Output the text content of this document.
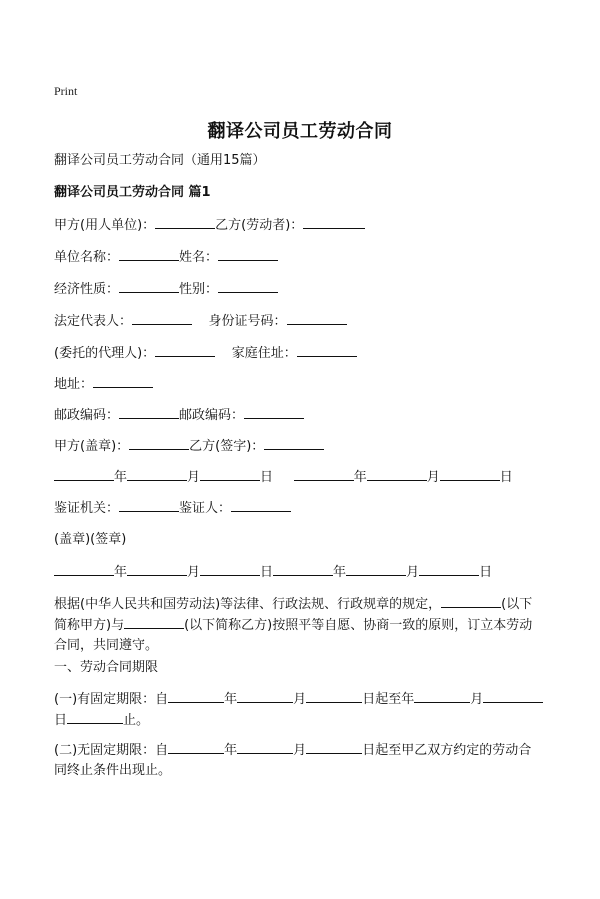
Print
翻译公司员工劳动合同
翻译公司员工劳动合同（通用15篇）
翻译公司员工劳动合同 篇1
甲方(用人单位)：	乙方(劳动者)：
单位名称：	姓名：
经济性质：	性别：
法定代表人：	身份证号码：
(委托的代理人)：	家庭住址：
地址：
邮政编码：	邮政编码：
甲方(盖章)：	乙方(签字)：
年	月	日	年	月	日
鉴证机关：	鉴证人：
(盖章)(签章)
年	月	日	年	月	日
根据(中华人民共和国劳动法)等法律、行政法规、行政规章的规定，	(以下简称甲方)与	(以下简称乙方)按照平等自愿、协商一致的原则，订立本劳动合同，共同遵守。
一、劳动合同期限
(一)有固定期限：自	年	月	日起至年	月日	止。
(二)无固定期限：自	年	月	日起至甲乙双方约定的劳动合同终止条件出现止。
